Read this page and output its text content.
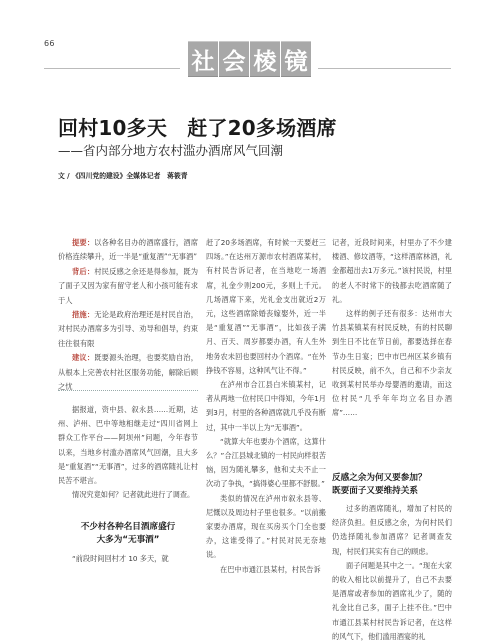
66
社 会 棱 镜
回村10多天　赶了20多场酒席
——省内部分地方农村滥办酒席风气回潮
文 / 《四川党的建设》全媒体记者　蒋筱青

提要：以各种名目办的酒席盛行，酒席价格连续攀升，近一半是“重复酒”“无事酒”

背后：村民反感之余还是得参加，既为了面子又因为家有留守老人和小孩可能有求于人

措施：无论是政府治理还是村民自治，对村民办酒席多为引导、劝导和倡导，约束往往很有限

建议：既要源头治理，也要奖励自治，从根本上完善农村社区服务功能，解除后顾之忧

据报道，资中县、叙永县……近期，达州、泸州、巴中等地相继走过“四川省网上群众工作平台——阿坝州”问题，今年春节以来，当地乡村滥办酒席风气回潮，且大多是“重复酒”“无事酒”，过多的酒席随礼让村民苦不堪言。

情况究竟如何？记者就此进行了调查。

不少村各种名目酒席盛行
大多为“无事酒”

“前段时间回村才 10 多天，就

赶了20多场酒席，有时候一天要赶三四场。”在达州万源市农村酒席某村，有村民告诉记者，在当地吃一场酒席，礼金少则200元，多则上千元。几场酒席下来，光礼金支出就近2万元，这些酒席除婚丧嫁娶外，近一半是“重复酒”“无事酒”，比如孩子满月、百天、周岁都要办酒，有人生外地务农未回也要回村办个酒席。“在外挣钱不容易，这种风气让不得。”

在泸州市合江县白米镇某村，记者从两地一位村民口中得知，今年1月到3月，村里的各种酒席就几乎没有断过，其中一半以上为“无事酒”。

“就算大年也要办个酒席，这算什么？”合江县城北镇的一村民向样很苦恼，因为随礼攀多，他和丈夫不止一次动了争执，“搞得婆心里都不舒服。”

类似的情况在泸州市叙永县等、尼慨以及周边村子里也很多。“以前搬家要办酒席，现在买房买个门全也要办，这谁受得了。”村民对民无奈地说。

在巴中市通江县某村，村民告诉

记者，近段时间来，村里办了不少建楼酒、修坟酒等，“这样酒席林酒，礼金都超出去1万多元。”该村民说，村里的老人不时常下的钱都去吃酒席随了礼。

这样的例子还有很多：达州市大竹县某镇某有村民反映，有的村民聊到生日不比在节日前，都要选择在春节办生日宴；巴中市巴州区某乡镇有村民反映，前不久，自己和不少亲友收到某村民举办母婴酒的邀请，而这位村民“几乎年年均立名目办酒席”……

反感之余为何又要参加？
既要面子又要维持关系

过多的酒席随礼，增加了村民的经济负担。但反感之余，为何村民们仍选择随礼参加酒席？记者调查发现，村民们其实有自己的顾虑。

面子问题是其中之一。“现在大家的收入相比以前提升了，自己不去要是酒席或者参加的酒席礼少了，随的礼金比自己多，面子上挂不住。”巴中市通江县某村村民告诉记者，在这样的风气下，他们滥用酒宴的礼
